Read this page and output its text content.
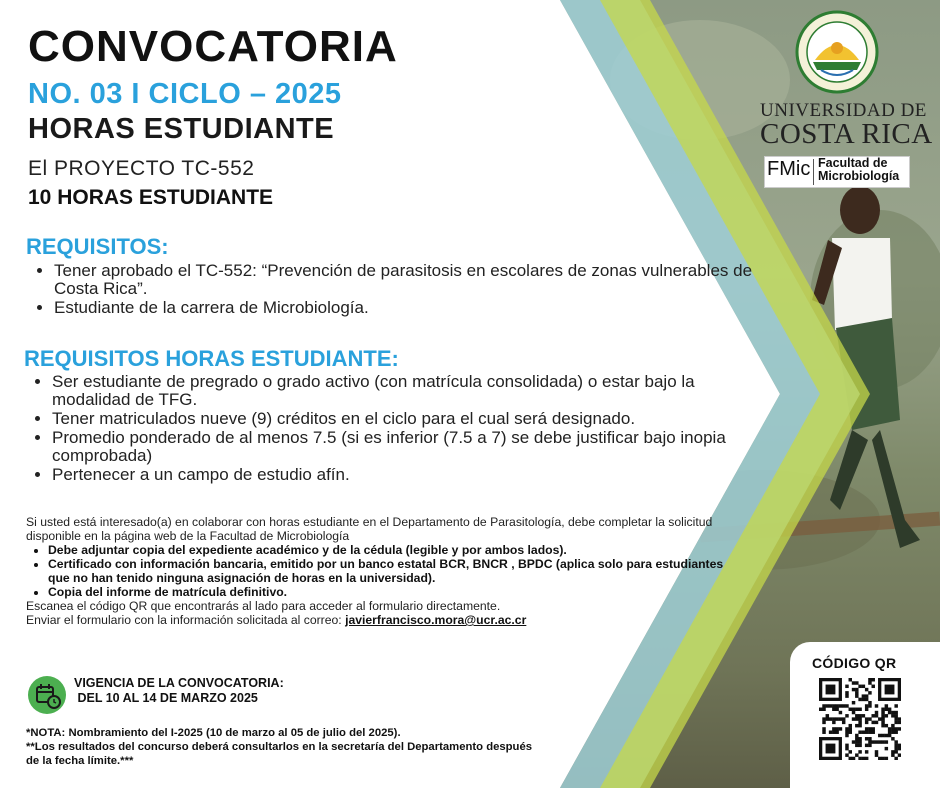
CONVOCATORIA
NO. 03 I CICLO – 2025
HORAS ESTUDIANTE
El PROYECTO TC-552
10 HORAS ESTUDIANTE
REQUISITOS:
• Tener aprobado el TC-552: “Prevención de parasitosis en escolares de zonas vulnerables de Costa Rica”.
• Estudiante de la carrera de Microbiología.
REQUISITOS HORAS ESTUDIANTE:
• Ser estudiante de pregrado o grado activo (con matrícula consolidada) o estar bajo la modalidad de TFG.
• Tener matriculados nueve (9) créditos en el ciclo para el cual será designado.
• Promedio ponderado de al menos 7.5 (si es inferior (7.5 a 7) se debe justificar bajo inopia comprobada)
• Pertenecer a un campo de estudio afín.

Si usted está interesado(a) en colaborar con horas estudiante en el Departamento de Parasitología, debe completar la solicitud disponible en la página web de la Facultad de Microbiología

• Debe adjuntar copia del expediente académico y de la cédula (legible y por ambos lados).
• Certificado con información bancaria, emitido por un banco estatal BCR, BNCR , BPDC (aplica solo para estudiantes que no han tenido ninguna asignación de horas en la universidad).
• Copia del informe de matrícula definitivo.

Escanea el código QR que encontrarás al lado para acceder al formulario directamente.

Enviar el formulario con la información solicitada al correo: javierfrancisco.mora@ucr.ac.cr

VIGENCIA DE LA CONVOCATORIA:
DEL 10 AL 14 DE MARZO 2025

*NOTA: Nombramiento del I-2025 (10 de marzo al 05 de julio del 2025).

**Los resultados del concurso deberá consultarlos en la secretaría del Departamento después de la fecha límite.***

UNIVERSIDAD DE
COSTA RICA
FMic Facultad de
Microbiología
CÓDIGO QR
